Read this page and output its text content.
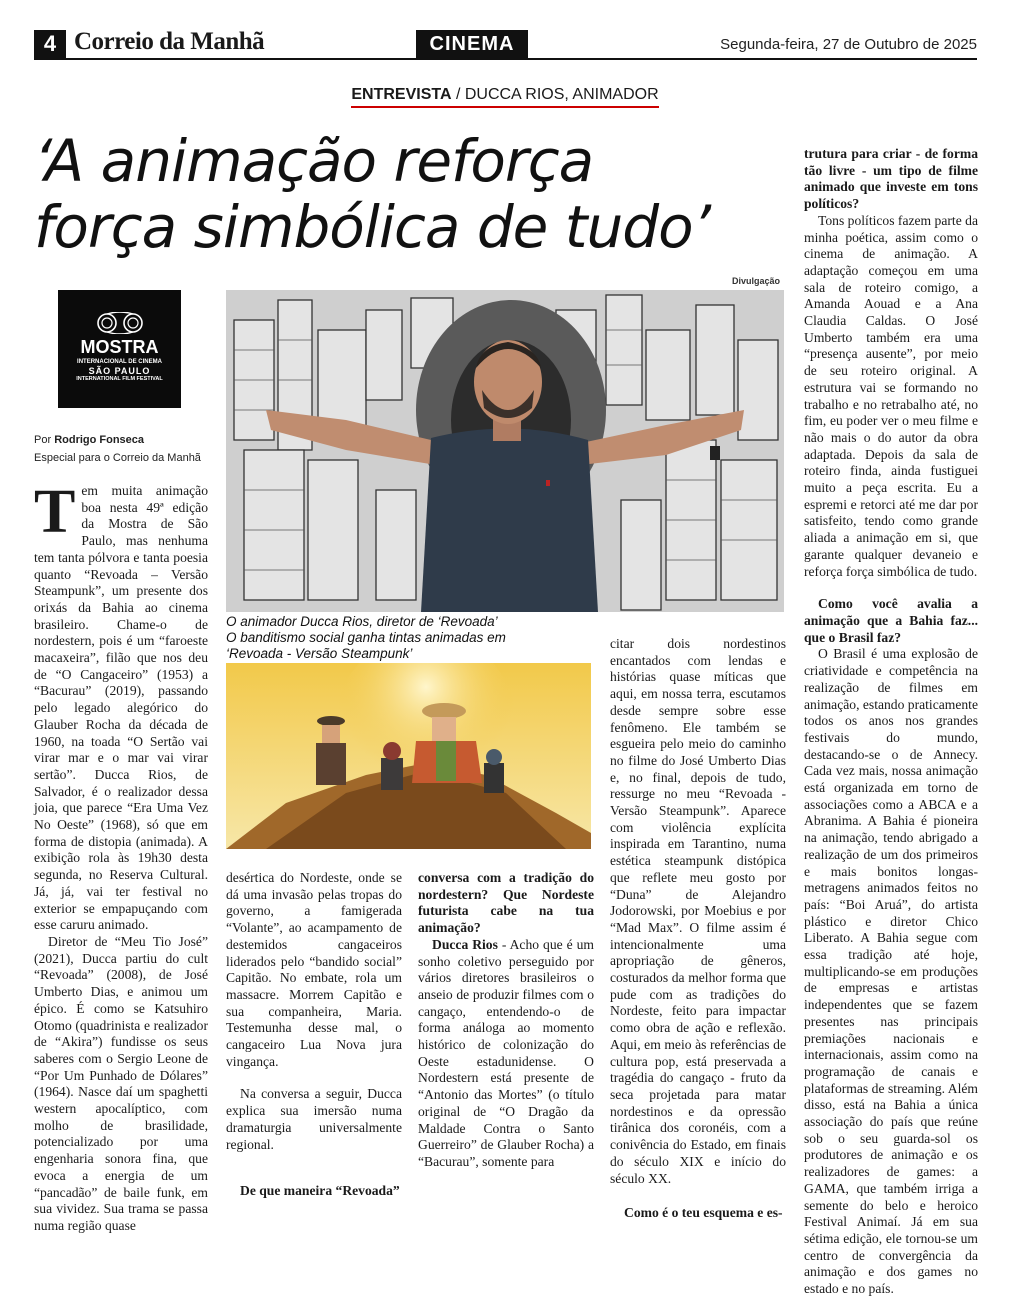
4 Correio da Manhã	CINEMA	Segunda-feira, 27 de Outubro de 2025
ENTREVISTA / DUCCA RIOS, ANIMADOR
‘A animação reforça
força simbólica de tudo’
MOSTRA
INTERNACIONAL DE CINEMA
SÃO PAULO
INTERNATIONAL FILM FESTIVAL
Por Rodrigo Fonseca
Especial para o Correio da Manhã
Divulgação
O animador Ducca Rios, diretor de ‘Revoada’
O banditismo social ganha tintas animadas em
‘Revoada - Versão Steampunk’

Tem muita animação boa nesta 49ª edição da Mostra de São Paulo, mas nenhuma tem tanta pólvora e tanta poesia quanto “Revoada – Versão Steampunk”, um presente dos orixás da Bahia ao cinema brasileiro. Chame-o de nordestern, pois é um “faroeste macaxeira”, filão que nos deu de “O Cangaceiro” (1953) a “Bacurau” (2019), passando pelo legado alegórico do Glauber Rocha da década de 1960, na toada “O Sertão vai virar mar e o mar vai virar sertão”. Ducca Rios, de Salvador, é o realizador dessa joia, que parece “Era Uma Vez No Oeste” (1968), só que em forma de distopia (animada). A exibição rola às 19h30 desta segunda, no Reserva Cultural. Já, já, vai ter festival no exterior se empapuçando com esse caruru animado.

Diretor de “Meu Tio José” (2021), Ducca partiu do cult “Revoada” (2008), de José Umberto Dias, e animou um épico. É como se Katsuhiro Otomo (quadrinista e realizador de “Akira”) fundisse os seus saberes com o Sergio Leone de “Por Um Punhado de Dólares” (1964). Nasce daí um spaghetti western apocalíptico, com molho de brasilidade, potencializado por uma engenharia sonora fina, que evoca a energia de um “pancadão” de baile funk, em sua vividez. Sua trama se passa numa região quase

desértica do Nordeste, onde se dá uma invasão pelas tropas do governo, a famigerada “Volante”, ao acampamento de destemidos cangaceiros liderados pelo “bandido social” Capitão. No embate, rola um massacre. Morrem Capitão e sua companheira, Maria. Testemunha desse mal, o cangaceiro Lua Nova jura vingança.

Na conversa a seguir, Ducca explica sua imersão numa dramaturgia universalmente regional.

De que maneira “Revoada”

conversa com a tradição do nordestern? Que Nordeste futurista cabe na tua animação?

Ducca Rios - Acho que é um sonho coletivo perseguido por vários diretores brasileiros o anseio de produzir filmes com o cangaço, entendendo-o de forma análoga ao momento histórico de colonização do Oeste estadunidense. O Nordestern está presente de “Antonio das Mortes” (o título original de “O Dragão da Maldade Contra o Santo Guerreiro” de Glauber Rocha) a “Bacurau”, somente para

citar dois nordestinos encantados com lendas e histórias quase míticas que aqui, em nossa terra, escutamos desde sempre sobre esse fenômeno. Ele também se esgueira pelo meio do caminho no filme do José Umberto Dias e, no final, depois de tudo, ressurge no meu “Revoada - Versão Steampunk”. Aparece com violência explícita inspirada em Tarantino, numa estética steampunk distópica que reflete meu gosto por “Duna” de Alejandro Jodorowski, por Moebius e por “Mad Max”. O filme assim é intencionalmente uma apropriação de gêneros, costurados da melhor forma que pude com as tradições do Nordeste, feito para impactar como obra de ação e reflexão. Aqui, em meio às referências de cultura pop, está preservada a tragédia do cangaço - fruto da seca projetada para matar nordestinos e da opressão tirânica dos coronéis, com a conivência do Estado, em finais do século XIX e início do século XX.

Como é o teu esquema e es-

trutura para criar - de forma tão livre - um tipo de filme animado que investe em tons políticos?

Tons políticos fazem parte da minha poética, assim como o cinema de animação. A adaptação começou em uma sala de roteiro comigo, a Amanda Aouad e a Ana Claudia Caldas. O José Umberto também era uma “presença ausente”, por meio de seu roteiro original. A estrutura vai se formando no trabalho e no retrabalho até, no fim, eu poder ver o meu filme e não mais o do autor da obra adaptada. Depois da sala de roteiro finda, ainda fustiguei muito a peça escrita. Eu a espremi e retorci até me dar por satisfeito, tendo como grande aliada a animação em si, que garante qualquer devaneio e reforça força simbólica de tudo.

Como você avalia a animação que a Bahia faz... que o Brasil faz?

O Brasil é uma explosão de criatividade e competência na realização de filmes em animação, estando praticamente todos os anos nos grandes festivais do mundo, destacando-se o de Annecy. Cada vez mais, nossa animação está organizada em torno de associações como a ABCA e a Abranima. A Bahia é pioneira na animação, tendo abrigado a realização de um dos primeiros e mais bonitos longas-metragens animados feitos no país: “Boi Aruá”, do artista plástico e diretor Chico Liberato. A Bahia segue com essa tradição até hoje, multiplicando-se em produções de empresas e artistas independentes que se fazem presentes nas principais premiações nacionais e internacionais, assim como na programação de canais e plataformas de streaming. Além disso, está na Bahia a única associação do país que reúne sob o seu guarda-sol os produtores de animação e os realizadores de games: a GAMA, que também irriga a semente do belo e heroico Festival Animaí. Já em sua sétima edição, ele tornou-se um centro de convergência da animação e dos games no estado e no país.
